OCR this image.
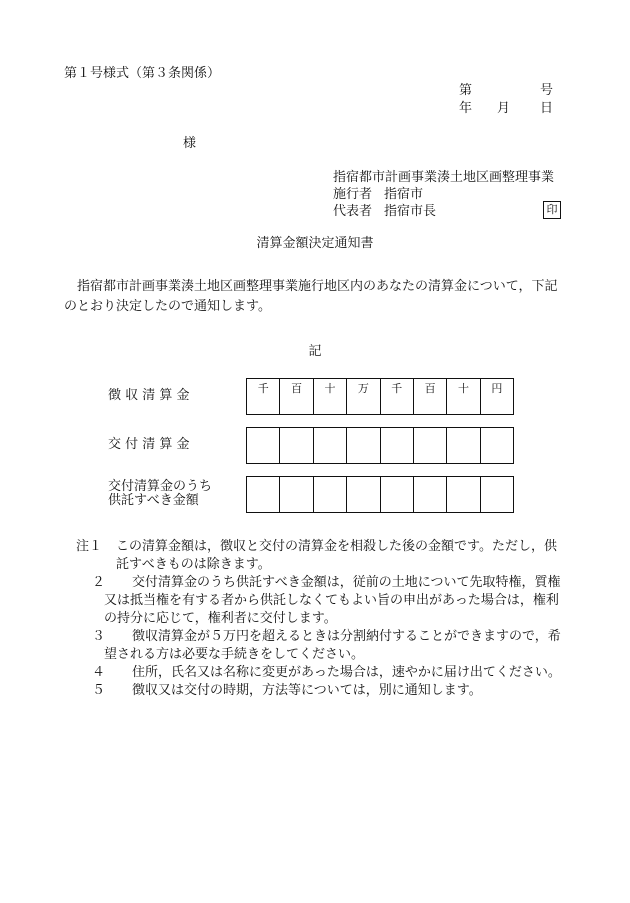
第１号様式（第３条関係）
第	号
年 月 日
様
指宿都市計画事業湊土地区画整理事業
施行者 指宿市
代表者 指宿市長	印
清算金額決定通知書

指宿都市計画事業湊土地区画整理事業施行地区内のあなたの清算金について，下記のとおり決定したので通知します。

記
徴 収 清 算 金	千	百	十	万	千	百	十	円
交 付 清 算 金
交付清算金のうち
供託すべき金額
注１ この清算金額は，徴収と交付の清算金を相殺した後の金額です。ただし，供託すべきものは除きます。
２ 交付清算金のうち供託すべき金額は，従前の土地について先取特権，質権又は抵当権を有する者から供託しなくてもよい旨の申出があった場合は，権利の持分に応じて，権利者に交付します。
３ 徴収清算金が５万円を超えるときは分割納付することができますので，希望される方は必要な手続きをしてください。
４ 住所，氏名又は名称に変更があった場合は，速やかに届け出てください。
５ 徴収又は交付の時期，方法等については，別に通知します。
